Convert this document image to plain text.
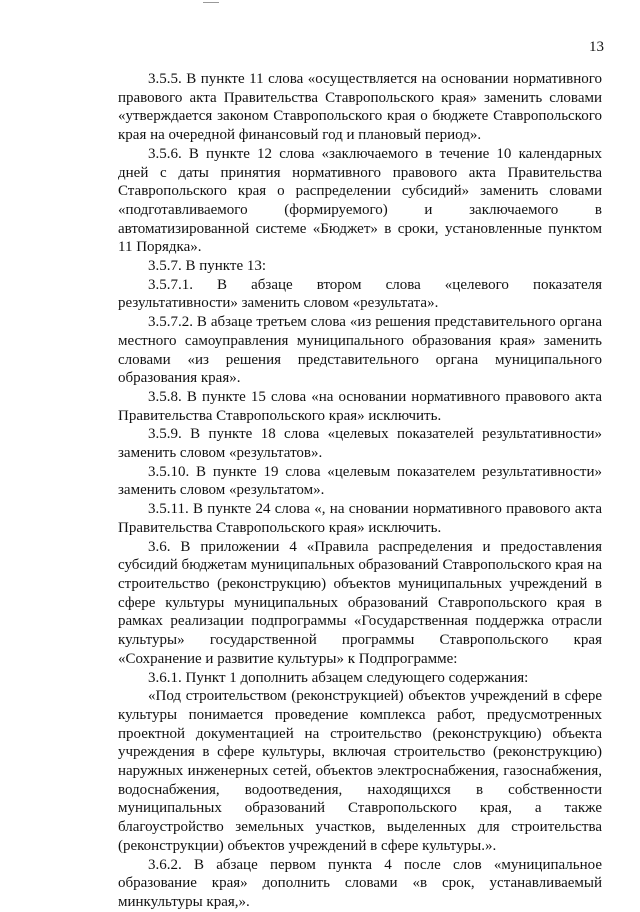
13

3.5.5. В пункте 11 слова «осуществляется на основании нормативного правового акта Правительства Ставропольского края» заменить словами «утверждается законом Ставропольского края о бюджете Ставропольского края на очередной финансовый год и плановый период».

3.5.6. В пункте 12 слова «заключаемого в течение 10 календарных дней с даты принятия нормативного правового акта Правительства Ставропольского края о распределении субсидий» заменить словами «подготавливаемого (формируемого) и заключаемого в автоматизированной системе «Бюджет» в сроки, установленные пунктом 11 Порядка».

3.5.7. В пункте 13:

3.5.7.1. В абзаце втором слова «целевого показателя результативности» заменить словом «результата».

3.5.7.2. В абзаце третьем слова «из решения представительного органа местного самоуправления муниципального образования края» заменить словами «из решения представительного органа муниципального образования края».

3.5.8. В пункте 15 слова «на основании нормативного правового акта Правительства Ставропольского края» исключить.

3.5.9. В пункте 18 слова «целевых показателей результативности» заменить словом «результатов».

3.5.10. В пункте 19 слова «целевым показателем результативности» заменить словом «результатом».

3.5.11. В пункте 24 слова «, на сновании нормативного правового акта Правительства Ставропольского края» исключить.

3.6. В приложении 4 «Правила распределения и предоставления субсидий бюджетам муниципальных образований Ставропольского края на строительство (реконструкцию) объектов муниципальных учреждений в сфере культуры муниципальных образований Ставропольского края в рамках реализации подпрограммы «Государственная поддержка отрасли культуры» государственной программы Ставропольского края «Сохранение и развитие культуры» к Подпрограмме:

3.6.1. Пункт 1 дополнить абзацем следующего содержания:

«Под строительством (реконструкцией) объектов учреждений в сфере культуры понимается проведение комплекса работ, предусмотренных проектной документацией на строительство (реконструкцию) объекта учреждения в сфере культуры, включая строительство (реконструкцию) наружных инженерных сетей, объектов электроснабжения, газоснабжения, водоснабжения, водоотведения, находящихся в собственности муниципальных образований Ставропольского края, а также благоустройство земельных участков, выделенных для строительства (реконструкции) объектов учреждений в сфере культуры.».

3.6.2. В абзаце первом пункта 4 после слов «муниципальное образование края» дополнить словами «в срок, устанавливаемый минкультуры края,».
